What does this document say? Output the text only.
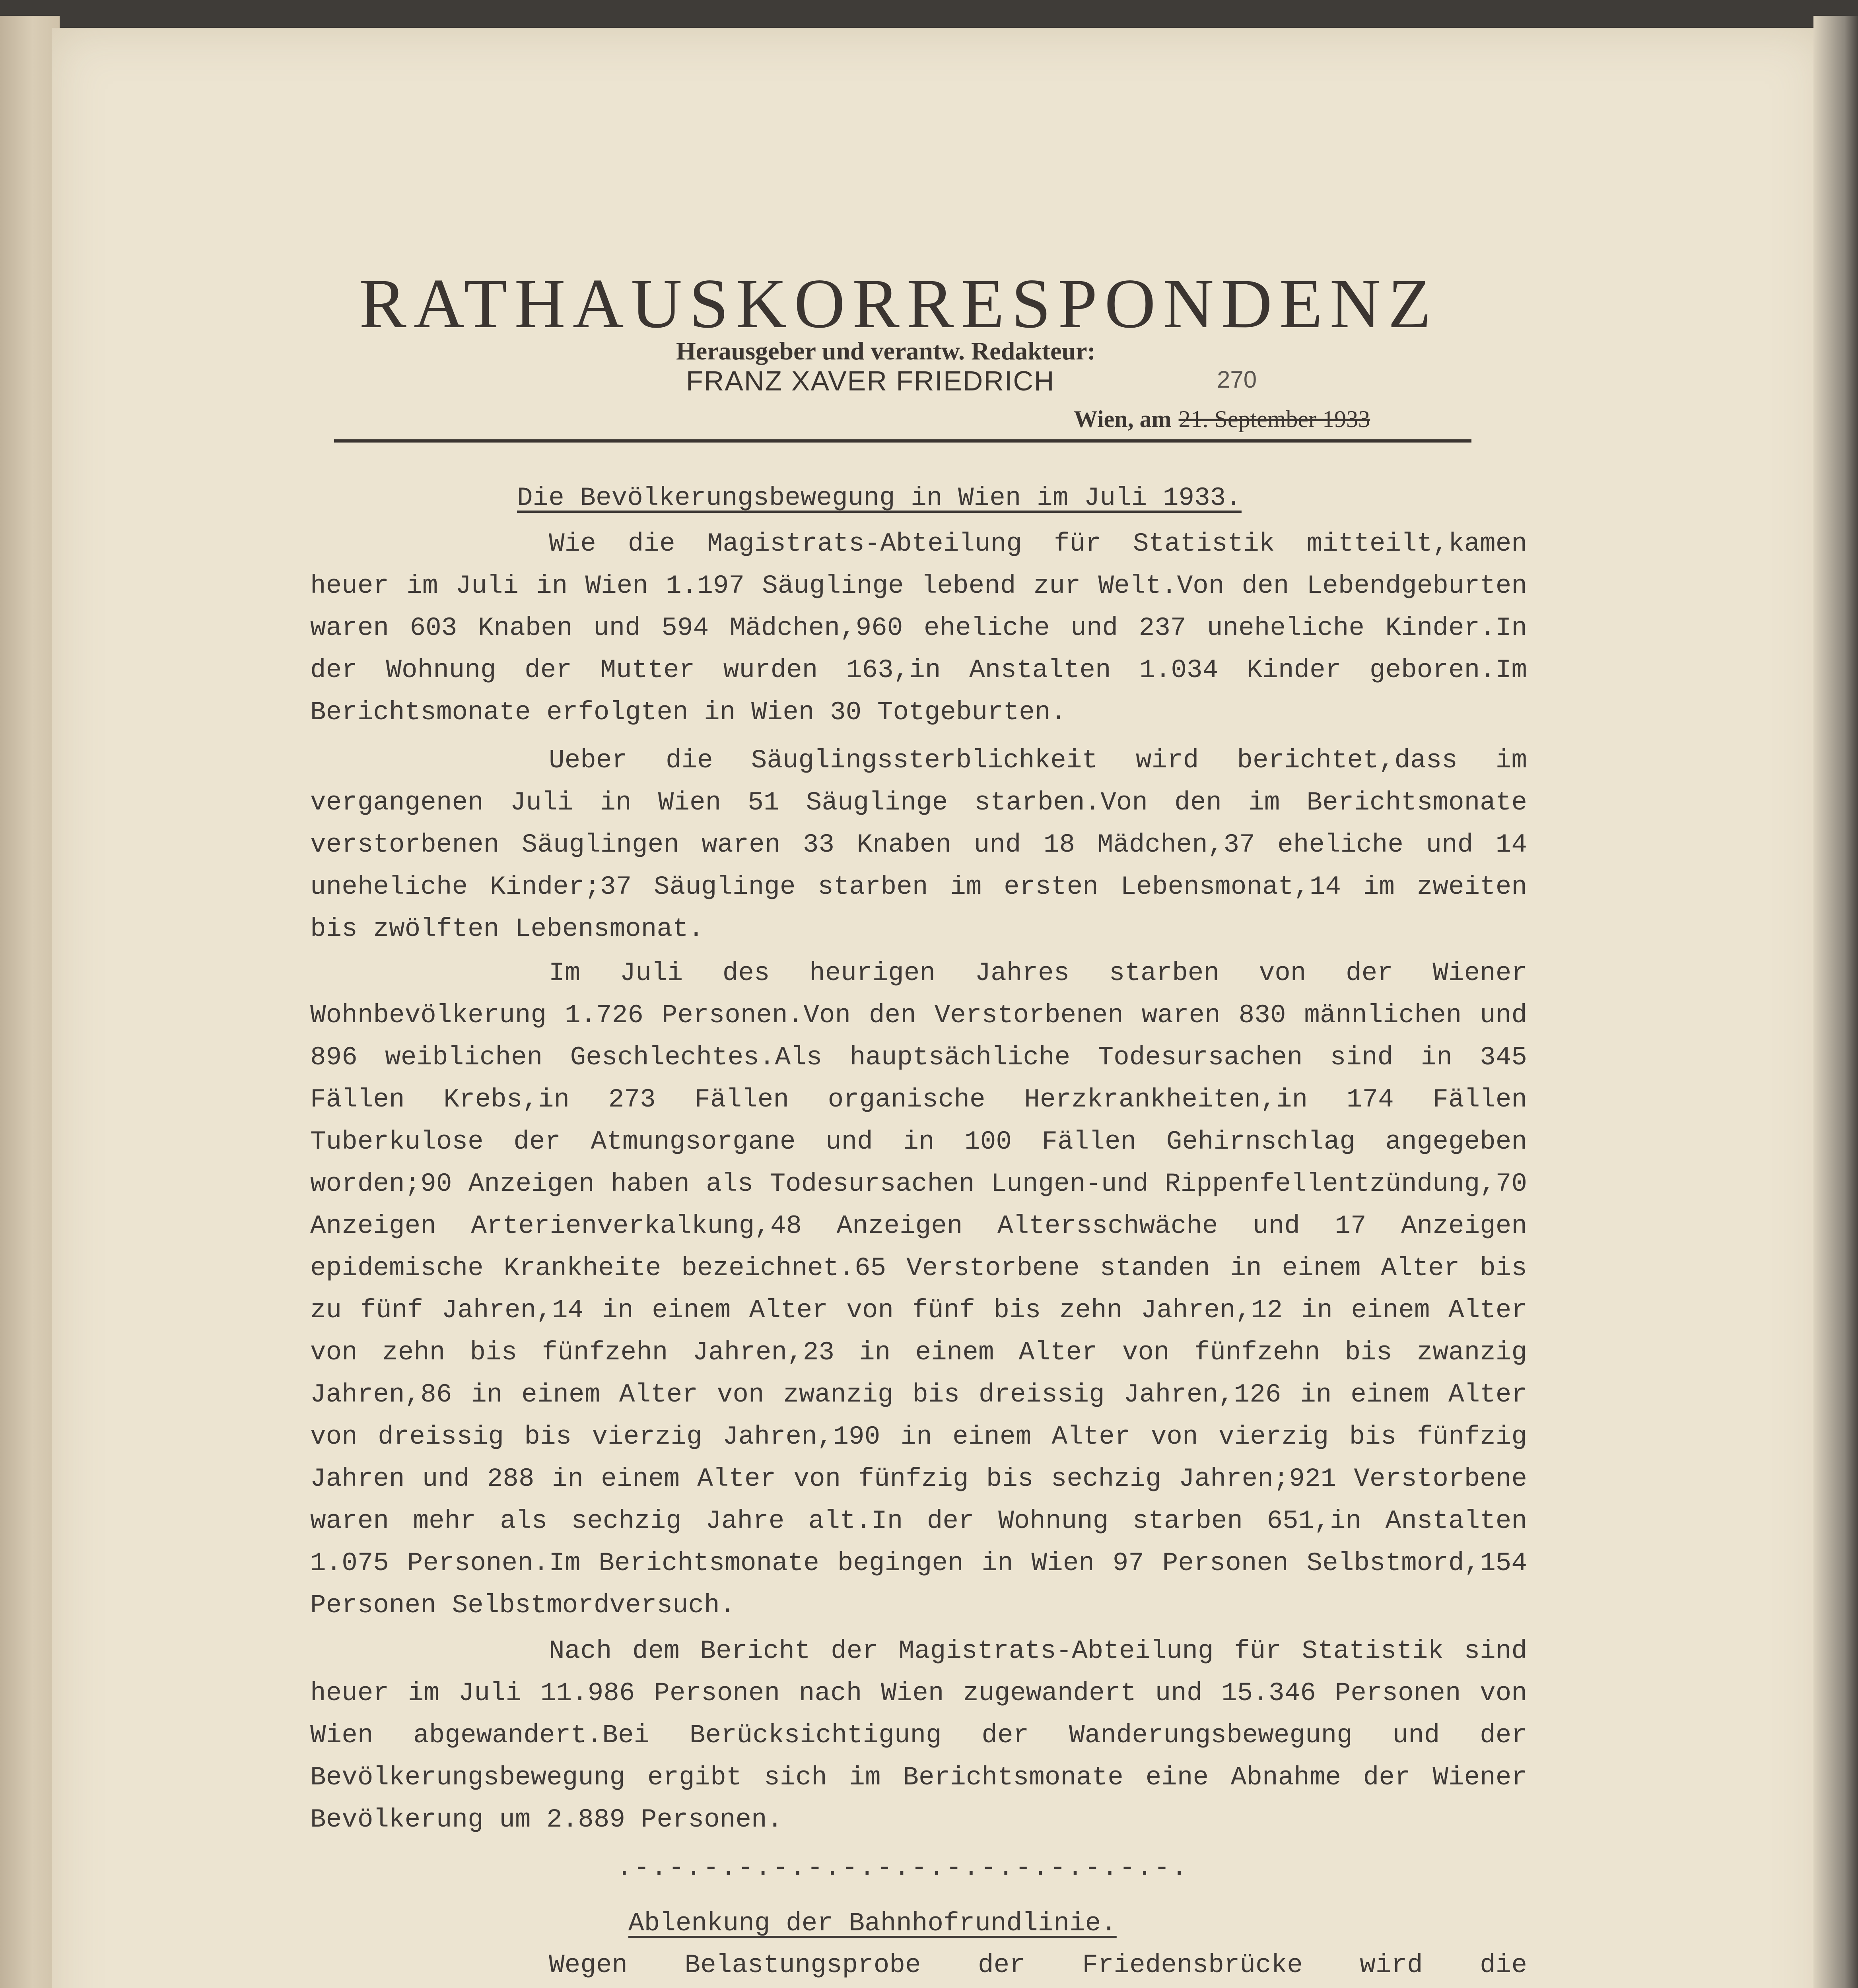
RATHAUSKORRESPONDENZ
Herausgeber und verantw. Redakteur:
FRANZ XAVER FRIEDRICH	270
Wien, am 21. September 1933
Die Bevölkerungsbewegung in Wien im Juli 1933.
Wie die Magistrats-Abteilung für Statistik mitteilt,kamen heuer im Juli in Wien 1.197 Säuglinge lebend zur Welt.Von den Lebendgeburten waren 603 Knaben und 594 Mädchen,960 eheliche und 237 uneheliche Kinder.In der Wohnung der Mutter wurden 163,in Anstalten 1.034 Kinder geboren.Im Berichtsmonate erfolgten in Wien 30 Totgeburten.
Ueber die Säuglingssterblichkeit wird berichtet,dass im vergangenen Juli in Wien 51 Säuglinge starben.Von den im Berichtsmonate verstorbenen Säuglingen waren 33 Knaben und 18 Mädchen,37 eheliche und 14 uneheliche Kinder;37 Säuglinge starben im ersten Lebensmonat,14 im zweiten bis zwölften Lebensmonat.
Im Juli des heurigen Jahres starben von der Wiener Wohnbevölkerung 1.726 Personen.Von den Verstorbenen waren 830 männlichen und 896 weiblichen Geschlechtes.Als hauptsächliche Todesursachen sind in 345 Fällen Krebs,in 273 Fällen organische Herzkrankheiten,in 174 Fällen Tuberkulose der Atmungsorgane und in 100 Fällen Gehirnschlag angegeben worden;90 Anzeigen haben als Todesursachen Lungen-und Rippenfellentzündung,70 Anzeigen Arterienverkalkung,48 Anzeigen Altersschwäche und 17 Anzeigen epidemische Krankheite bezeichnet.65 Verstorbene standen in einem Alter bis zu fünf Jahren,14 in einem Alter von fünf bis zehn Jahren,12 in einem Alter von zehn bis fünfzehn Jahren,23 in einem Alter von fünfzehn bis zwanzig Jahren,86 in einem Alter von zwanzig bis dreissig Jahren,126 in einem Alter von dreissig bis vierzig Jahren,190 in einem Alter von vierzig bis fünfzig Jahren und 288 in einem Alter von fünfzig bis sechzig Jahren;921 Verstorbene waren mehr als sechzig Jahre alt.In der Wohnung starben 651,in Anstalten 1.075 Personen.Im Berichtsmonate begingen in Wien 97 Personen Selbstmord,154 Personen Selbstmordversuch.
Nach dem Bericht der Magistrats-Abteilung für Statistik sind heuer im Juli 11.986 Personen nach Wien zugewandert und 15.346 Personen von Wien abgewandert.Bei Berücksichtigung der Wanderungsbewegung und der Bevölkerungsbewegung ergibt sich im Berichtsmonate eine Abnahme der Wiener Bevölkerung um 2.889 Personen.
.-.-.-.-.-.-.-.-.-.-.-.-.-.-.-.-.
Ablenkung der Bahnhofrundlinie.
Wegen Belastungsprobe der Friedensbrücke wird die
